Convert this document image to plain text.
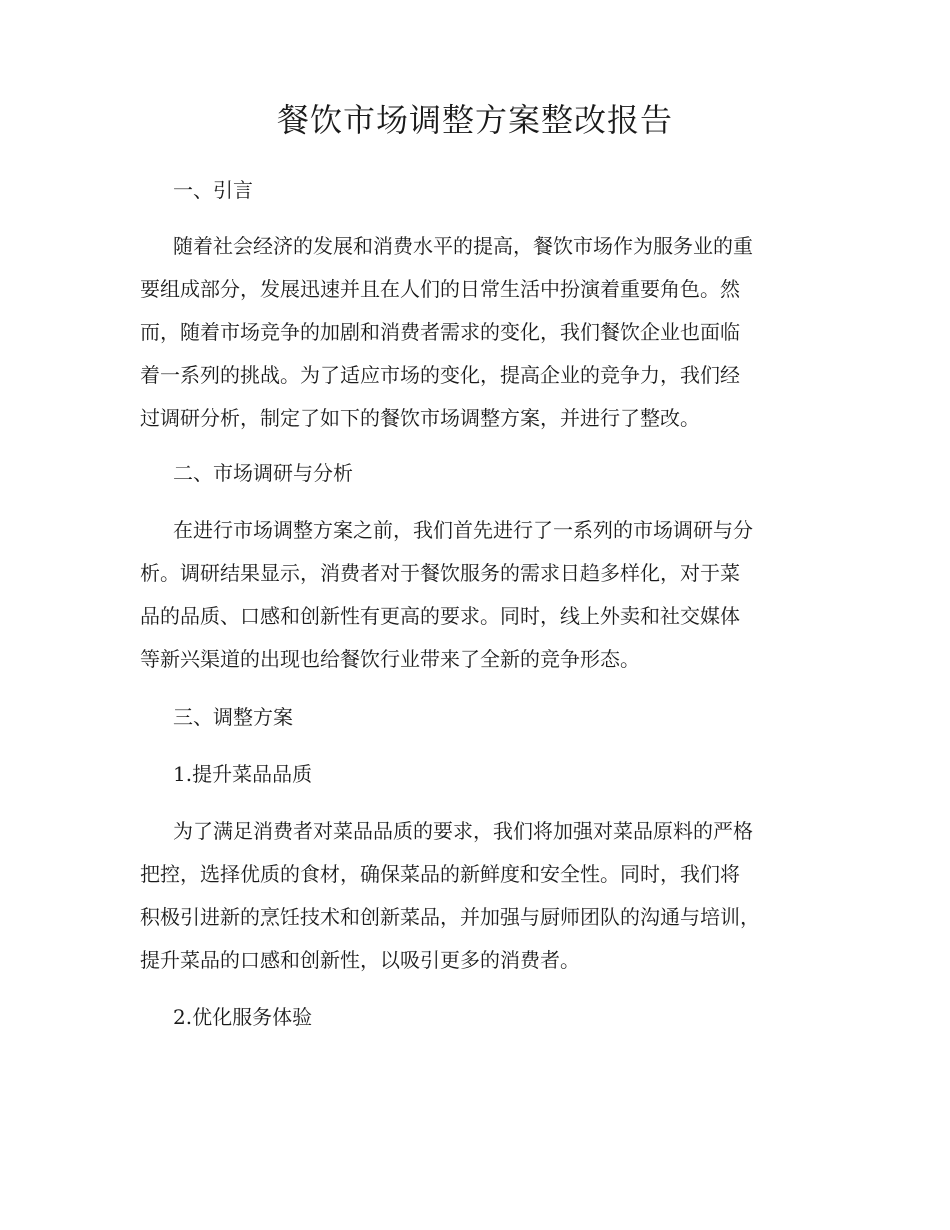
餐饮市场调整方案整改报告
一、引言

随着社会经济的发展和消费水平的提高，餐饮市场作为服务业的重
要组成部分，发展迅速并且在人们的日常生活中扮演着重要角色。然
而，随着市场竞争的加剧和消费者需求的变化，我们餐饮企业也面临
着一系列的挑战。为了适应市场的变化，提高企业的竞争力，我们经
过调研分析，制定了如下的餐饮市场调整方案，并进行了整改。

二、市场调研与分析

在进行市场调整方案之前，我们首先进行了一系列的市场调研与分
析。调研结果显示，消费者对于餐饮服务的需求日趋多样化，对于菜
品的品质、口感和创新性有更高的要求。同时，线上外卖和社交媒体
等新兴渠道的出现也给餐饮行业带来了全新的竞争形态。

三、调整方案
1.提升菜品品质

为了满足消费者对菜品品质的要求，我们将加强对菜品原料的严格
把控，选择优质的食材，确保菜品的新鲜度和安全性。同时，我们将
积极引进新的烹饪技术和创新菜品，并加强与厨师团队的沟通与培训，
提升菜品的口感和创新性，以吸引更多的消费者。

2.优化服务体验
